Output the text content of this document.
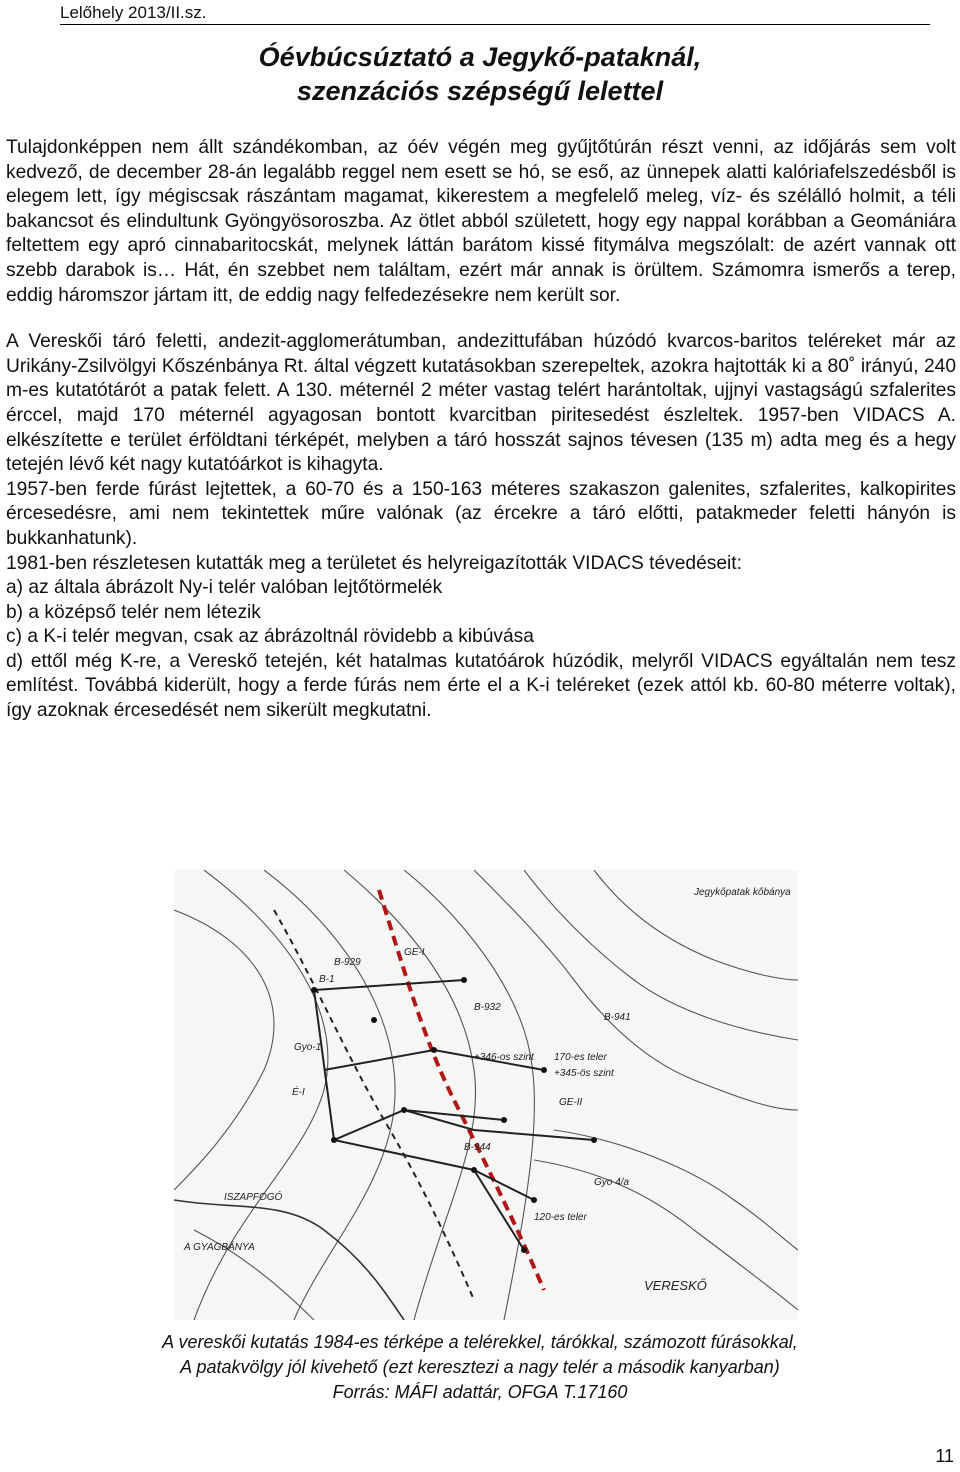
Lelőhely 2013/II.sz.
Óévbúcsúztató a Jegykő-pataknál,
szenzációs szépségű lelettel

Tulajdonképpen nem állt szándékomban, az óév végén meg gyűjtőtúrán részt venni, az időjárás sem volt kedvező, de december 28-án legalább reggel nem esett se hó, se eső, az ünnepek alatti kalóriafelszedésből is elegem lett, így mégiscsak rászántam magamat, kikerestem a megfelelő meleg, víz- és szélálló holmit, a téli bakancsot és elindultunk Gyöngyösoroszba. Az ötlet abból született, hogy egy nappal korábban a Geomániára feltettem egy apró cinnabaritocskát, melynek láttán barátom kissé fitymálva megszólalt: de azért vannak ott szebb darabok is… Hát, én szebbet nem találtam, ezért már annak is örültem. Számomra ismerős a terep, eddig háromszor jártam itt, de eddig nagy felfedezésekre nem került sor.

A Vereskői táró feletti, andezit-agglomerátumban, andezittufában húzódó kvarcos-baritos teléreket már az Urikány-Zsilvölgyi Kőszénbánya Rt. által végzett kutatásokban szerepeltek, azokra hajtották ki a 80˚ irányú, 240 m-es kutatótárót a patak felett. A 130. méternél 2 méter vastag telért harántoltak, ujjnyi vastagságú szfalerites érccel, majd 170 méternél agyagosan bontott kvarcitban piritesedést észleltek. 1957-ben VIDACS A. elkészítette e terület érföldtani térképét, melyben a táró hosszát sajnos tévesen (135 m) adta meg és a hegy tetején lévő két nagy kutatóárkot is kihagyta.

1957-ben ferde fúrást lejtettek, a 60-70 és a 150-163 méteres szakaszon galenites, szfalerites, kalkopirites ércesedésre, ami nem tekintettek műre valónak (az ércekre a táró előtti, patakmeder feletti hányón is bukkanhatunk).

1981-ben részletesen kutatták meg a területet és helyreigazították VIDACS tévedéseit:

a) az általa ábrázolt Ny-i telér valóban lejtőtörmelék

b) a középső telér nem létezik

c) a K-i telér megvan, csak az ábrázoltnál rövidebb a kibúvása

d) ettől még K-re, a Vereskő tetején, két hatalmas kutatóárok húzódik, melyről VIDACS egyáltalán nem tesz említést. Továbbá kiderült, hogy a ferde fúrás nem érte el a K-i teléreket (ezek attól kb. 60-80 méterre voltak), így azoknak ércesedését nem sikerült megkutatni.

Jegykőpatak kőbánya
VERESKŐ
A GYAGBÁNYA
ISZAPFOGÓ
GE-I
GE-II
Gyo-1
Gyo 4/a
É-I
B-1
170-es teler
120-es teler
+345-ös szint
+346-os szint
B-929
B-932
B-944
B-941
A vereskői kutatás 1984-es térképe a telérekkel, tárókkal, számozott fúrásokkal,
A patakvölgy jól kivehető (ezt keresztezi a nagy telér a második kanyarban)
Forrás: MÁFI adattár, OFGA T.17160
11
